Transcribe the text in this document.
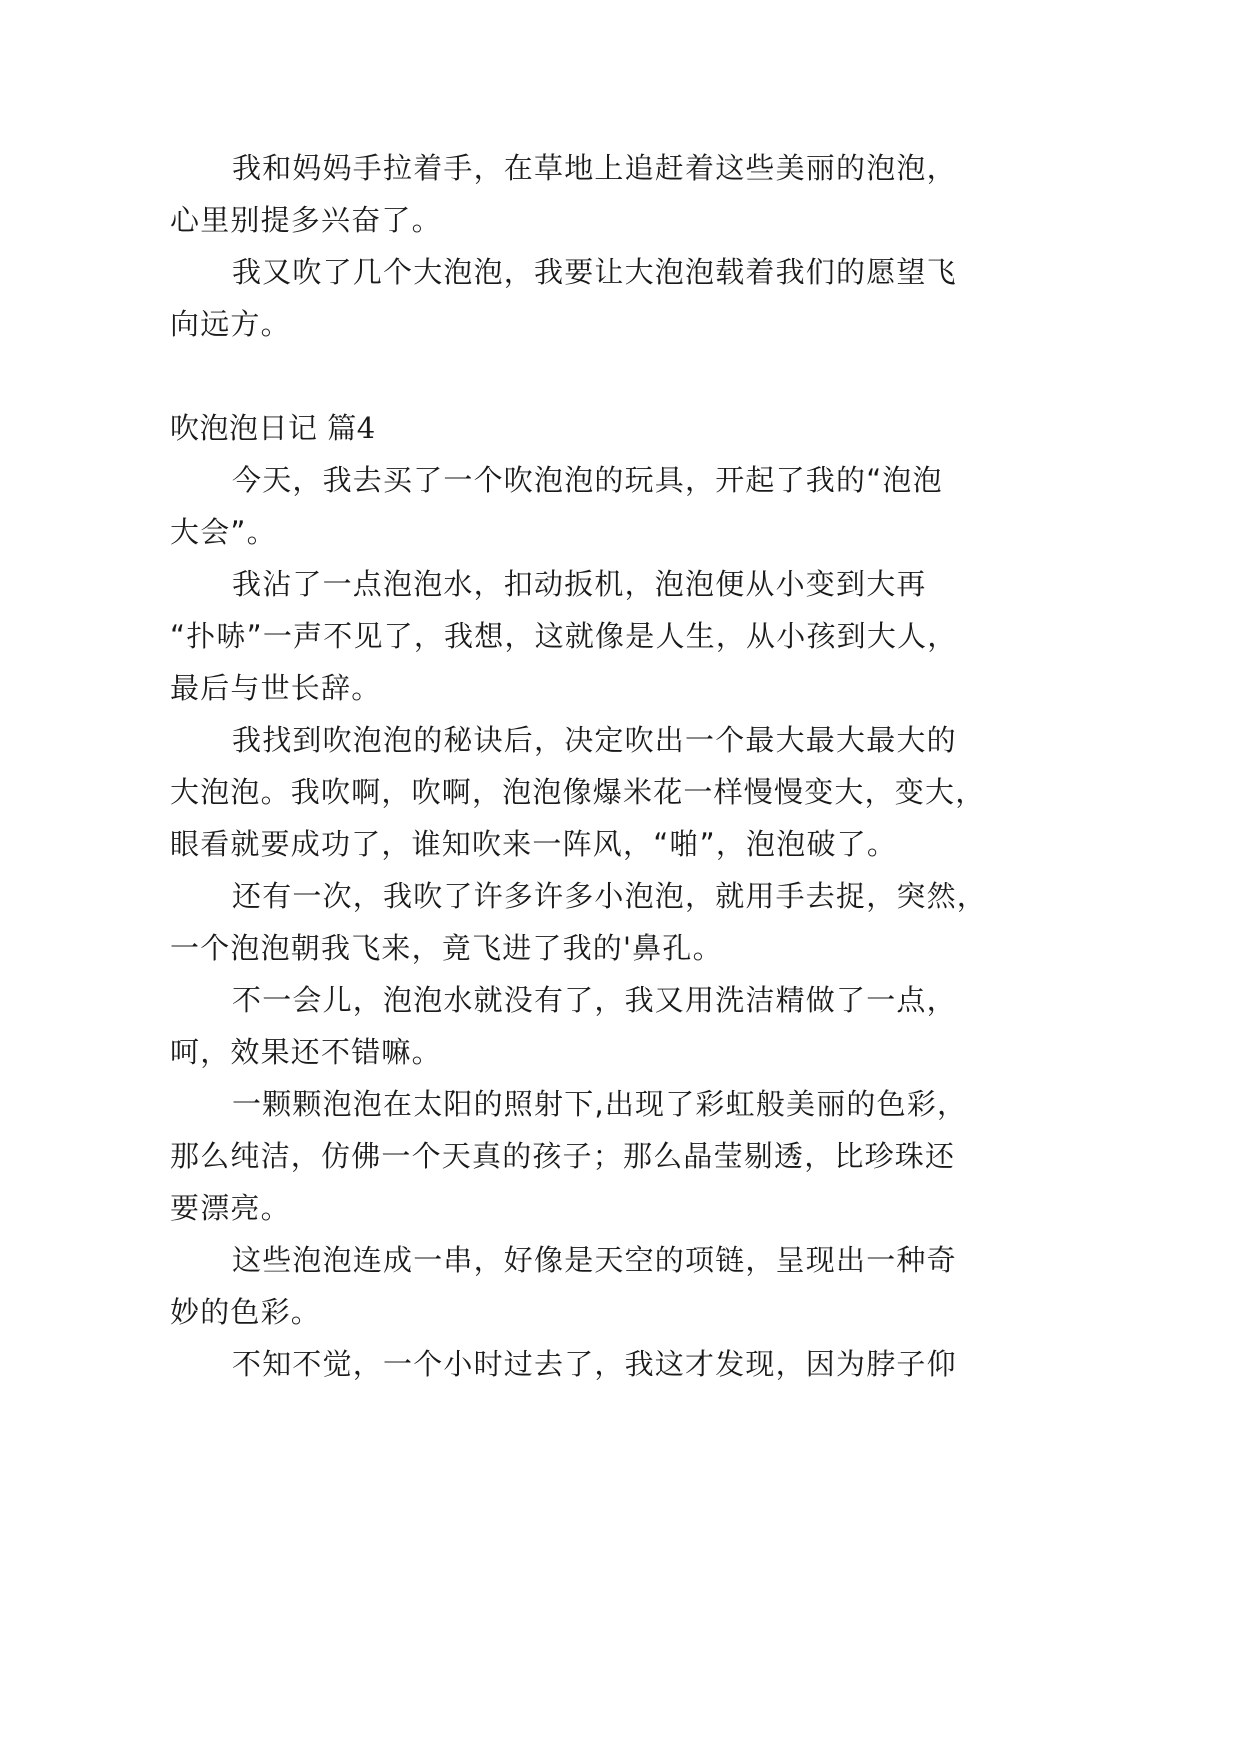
我和妈妈手拉着手，在草地上追赶着这些美丽的泡泡，
心里别提多兴奋了。
我又吹了几个大泡泡，我要让大泡泡载着我们的愿望飞
向远方。
吹泡泡日记 篇4
今天，我去买了一个吹泡泡的玩具，开起了我的“泡泡
大会”。
我沾了一点泡泡水，扣动扳机，泡泡便从小变到大再
“扑哧”一声不见了，我想，这就像是人生，从小孩到大人，
最后与世长辞。
我找到吹泡泡的秘诀后，决定吹出一个最大最大最大的
大泡泡。我吹啊，吹啊，泡泡像爆米花一样慢慢变大，变大，
眼看就要成功了，谁知吹来一阵风，“啪”，泡泡破了。
还有一次，我吹了许多许多小泡泡，就用手去捉，突然，
一个泡泡朝我飞来，竟飞进了我的'鼻孔。
不一会儿，泡泡水就没有了，我又用洗洁精做了一点，
呵，效果还不错嘛。
一颗颗泡泡在太阳的照射下,出现了彩虹般美丽的色彩，
那么纯洁，仿佛一个天真的孩子；那么晶莹剔透，比珍珠还
要漂亮。
这些泡泡连成一串，好像是天空的项链，呈现出一种奇
妙的色彩。
不知不觉，一个小时过去了，我这才发现，因为脖子仰
